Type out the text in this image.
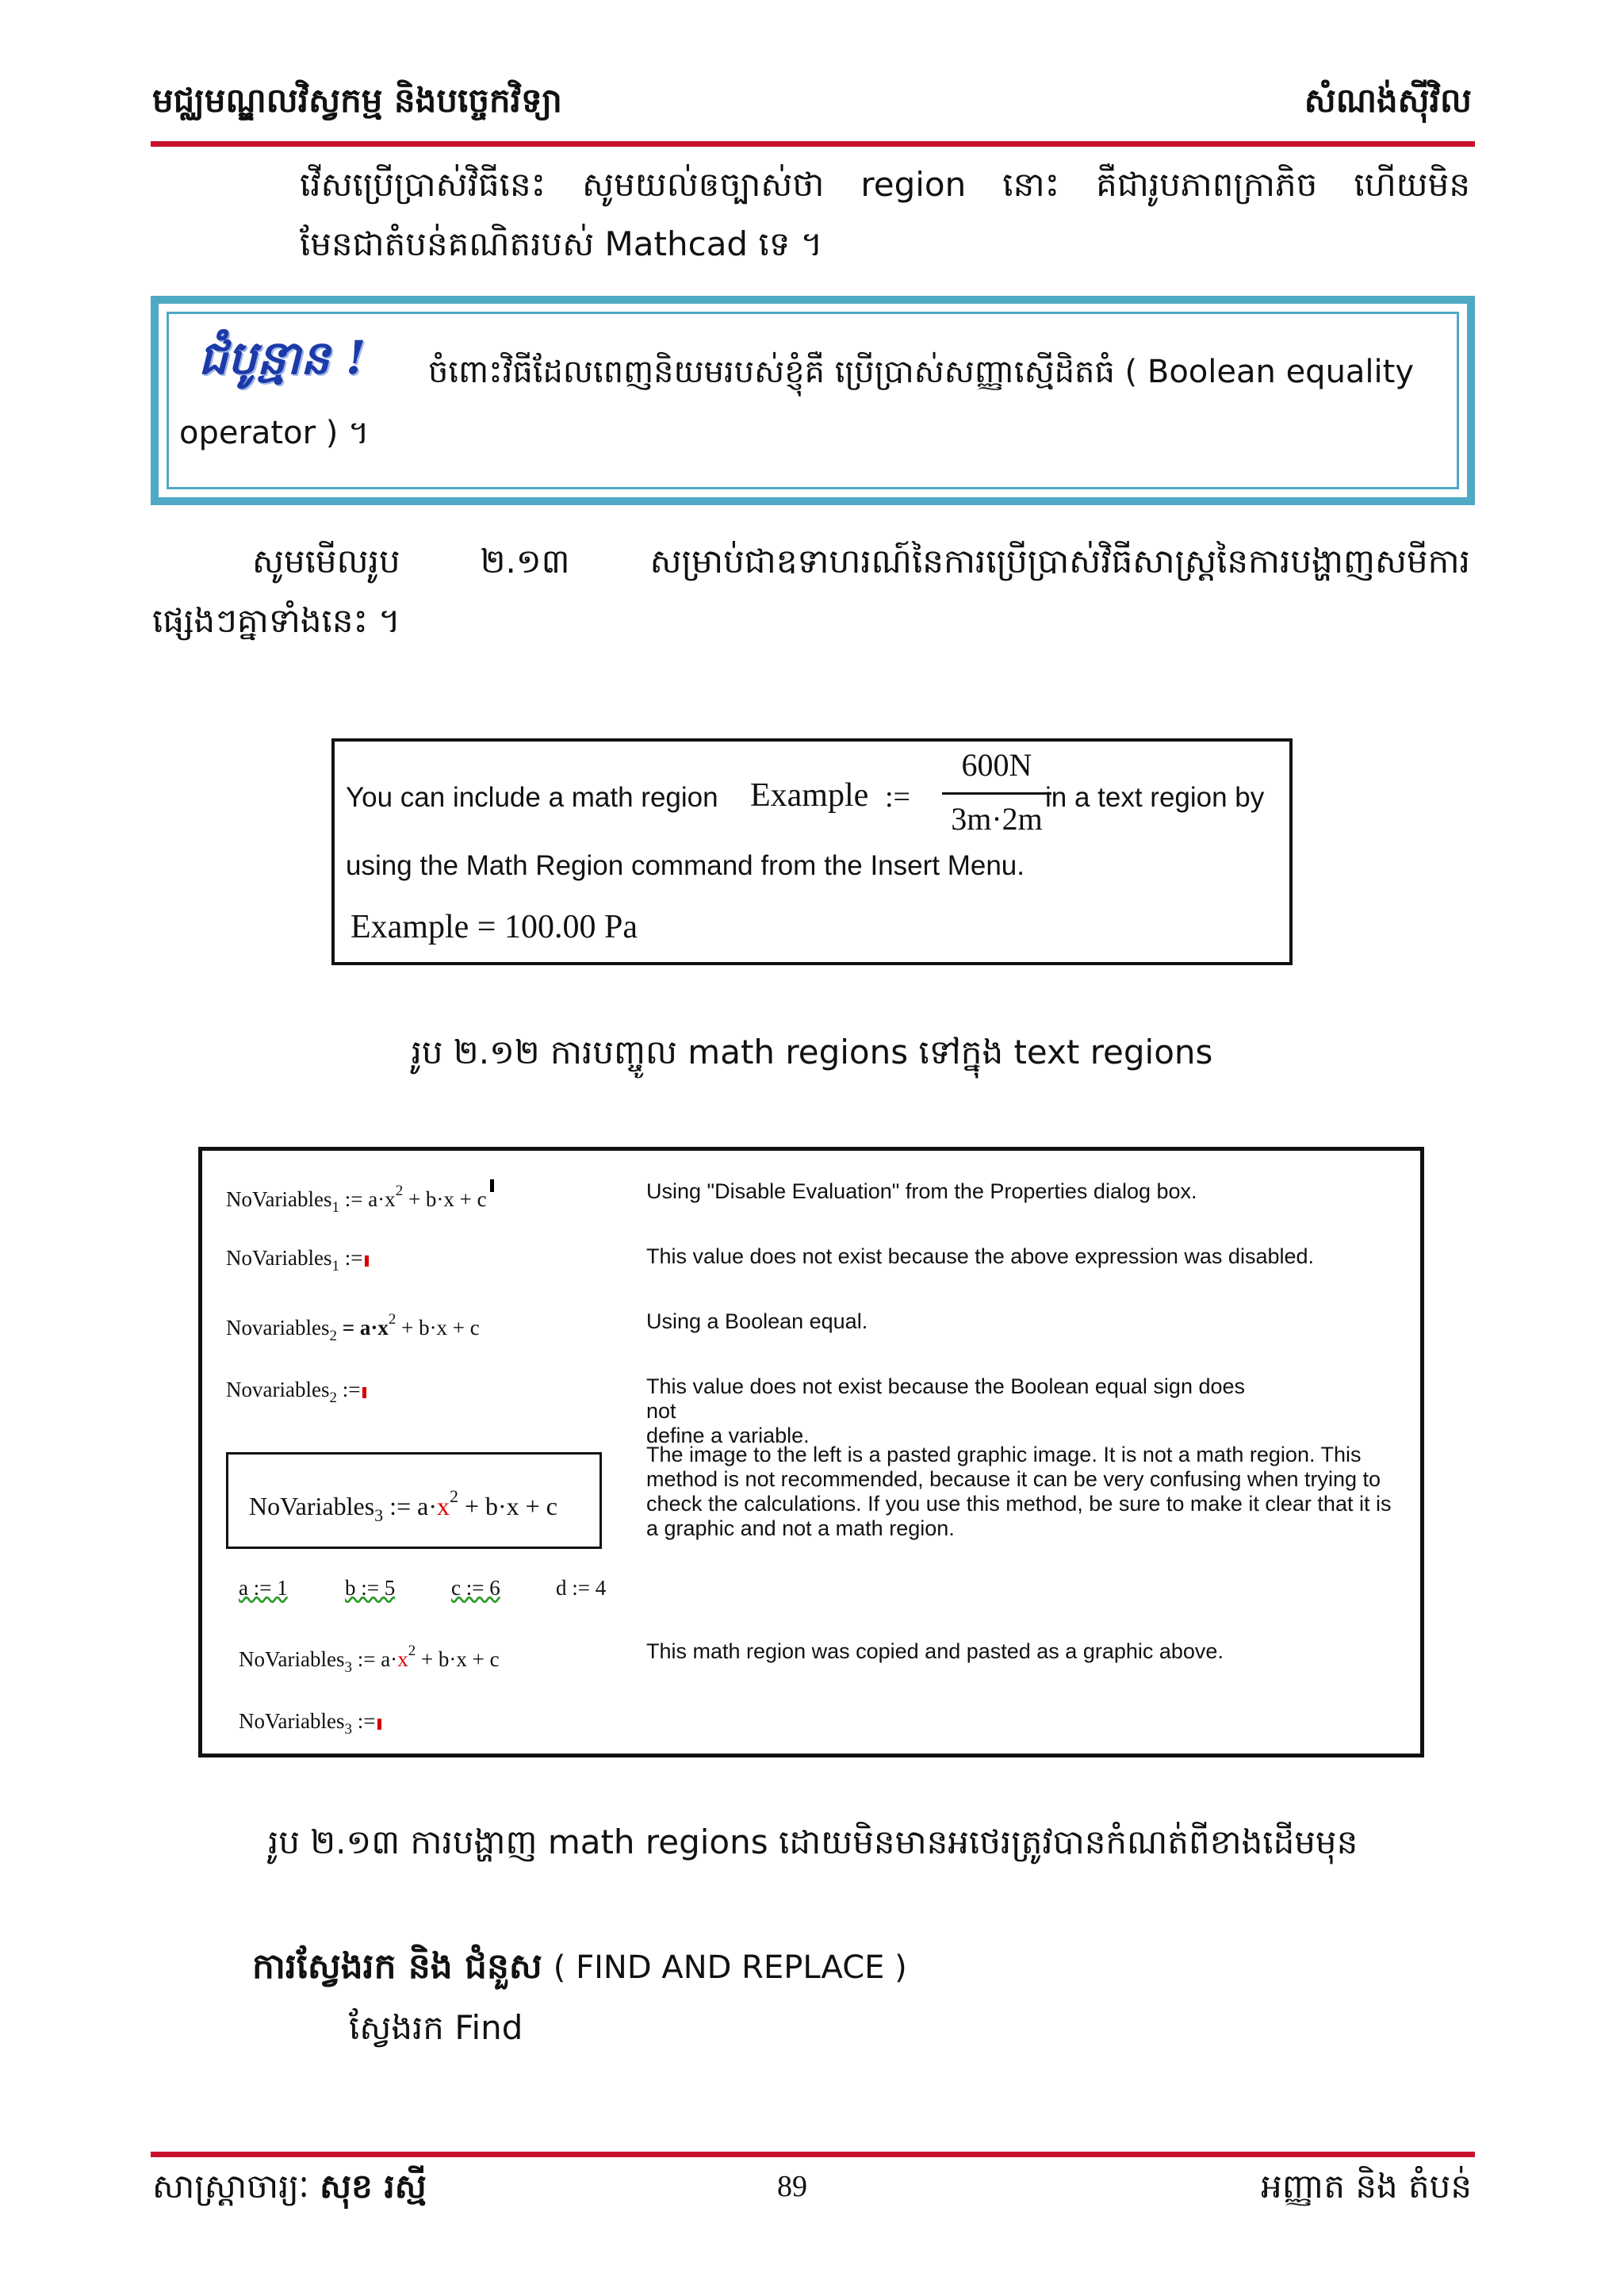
មជ្ឈមណ្ឌលវិស្វកម្ម និងបច្ចេកវិទ្យា	សំណង់ស៊ីវិល
វើសប្រើប្រាស់វិធីនេះ សូមយល់ឲច្បាស់ថា region នោះ គឺជារូបភាពក្រាភិច ហើយមិន
មែនជាតំបន់គណិតរបស់ Mathcad ទេ ។
ជំបូន្មាន ! ចំពោះវិធីដែលពេញនិយមរបស់ខ្ញុំគឺ ប្រើប្រាស់សញ្ញាស្មើដិតធំ ( Boolean equality
operator ) ។
សូមមើលរូប ២.១៣ សម្រាប់ជាឧទាហរណ៍នៃការប្រើប្រាស់វិធីសាស្រ្តនៃការបង្ហាញសមីការ
ផ្សេងៗគ្នាទាំងនេះ ។
You can include a math region Example :=
600N
3m·2m
in a text region by
using the Math Region command from the Insert Menu.
Example = 100.00 Pa
រូប ២.១២ ការបញ្ចូល math regions ទៅក្នុង text regions
NoVariables$_1$ := $a\cdot x^2 + b\cdot x + c$	Using "Disable Evaluation" from the Properties dialog box.
NoVariables$_1$ :=	This value does not exist because the above expression was disabled.
Novariables$_2$ = $a\cdot x^2 + b\cdot x + c$	Using a Boolean equal.
Novariables$_2$ :=	This value does not exist because the Boolean equal sign does
not
define a variable.
NoVariables$_3$ := $a\cdot x^2 + b\cdot x + c$
The image to the left is a pasted graphic image. It is not a math region. This method is not recommended, because it can be very confusing when trying to check the calculations. If you use this method, be sure to make it clear that it is a graphic and not a math region.
a := 1	b := 5	c := 6	d := 4
NoVariables$_3$ := $a\cdot x^2 + b\cdot x + c$	This math region was copied and pasted as a graphic above.
NoVariables$_3$ :=
រូប ២.១៣ ការបង្ហាញ math regions ដោយមិនមានអថេរត្រូវបានកំណត់ពីខាងដើមមុន
ការស្វែងរក និង ជំនួស ( FIND AND REPLACE )
ស្វែងរក Find
សាស្ត្រាចារ្យៈ សុខ រស្មី	89	អញ្ញាត និង តំបន់
